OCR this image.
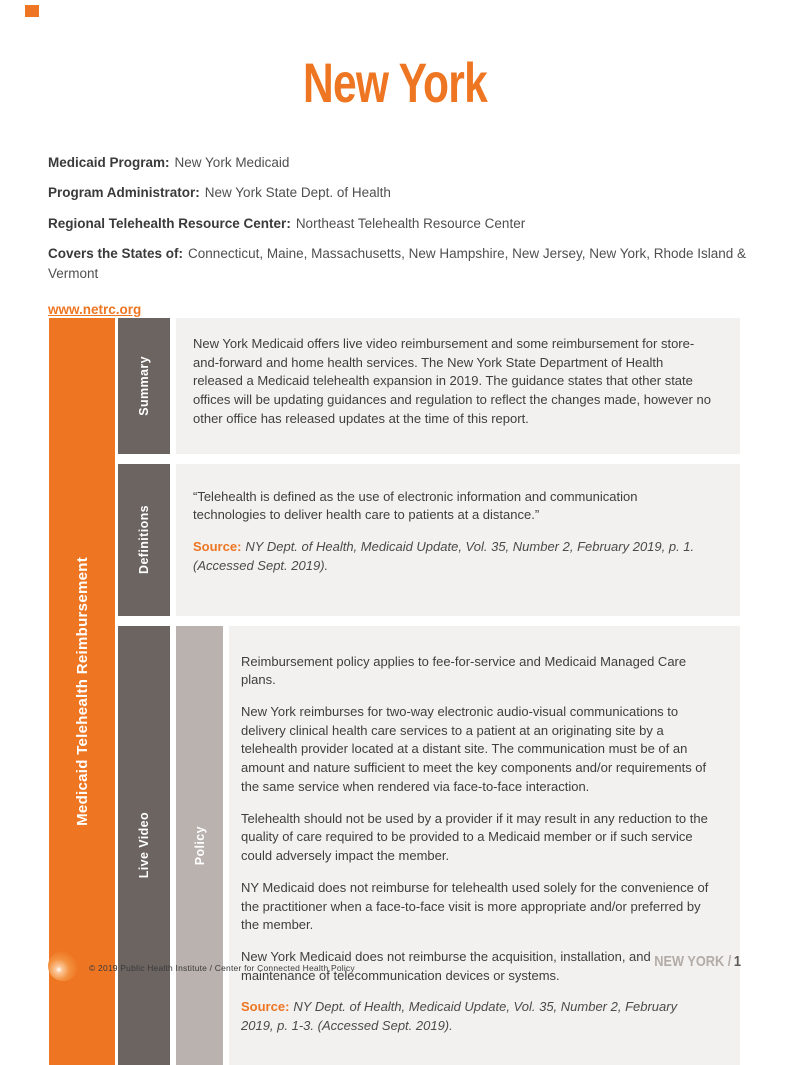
New York

Medicaid Program: New York Medicaid

Program Administrator: New York State Dept. of Health

Regional Telehealth Resource Center: Northeast Telehealth Resource Center

Covers the States of: Connecticut, Maine, Massachusetts, New Hampshire, New Jersey, New York, Rhode Island & Vermont

www.netrc.org
Medicaid Telehealth Reimbursement
Summary

New York Medicaid offers live video reimbursement and some reimbursement for store-and-forward and home health services. The New York State Department of Health released a Medicaid telehealth expansion in 2019. The guidance states that other state offices will be updating guidances and regulation to reflect the changes made, however no other office has released updates at the time of this report.

Definitions

“Telehealth is defined as the use of electronic information and communication technologies to deliver health care to patients at a distance.”

Source: NY Dept. of Health, Medicaid Update, Vol. 35, Number 2, February 2019, p. 1. (Accessed Sept. 2019).

Live Video	Policy

Reimbursement policy applies to fee-for-service and Medicaid Managed Care plans.

New York reimburses for two-way electronic audio-visual communications to delivery clinical health care services to a patient at an originating site by a telehealth provider located at a distant site. The communication must be of an amount and nature sufficient to meet the key components and/or requirements of the same service when rendered via face-to-face interaction.

Telehealth should not be used by a provider if it may result in any reduction to the quality of care required to be provided to a Medicaid member or if such service could adversely impact the member.

NY Medicaid does not reimburse for telehealth used solely for the convenience of the practitioner when a face-to-face visit is more appropriate and/or preferred by the member.

New York Medicaid does not reimburse the acquisition, installation, and maintenance of telecommunication devices or systems.

Source: NY Dept. of Health, Medicaid Update, Vol. 35, Number 2, February 2019, p. 1-3. (Accessed Sept. 2019).

© 2019 Public Health Institute / Center for Connected Health Policy	NEW YORK / 1
